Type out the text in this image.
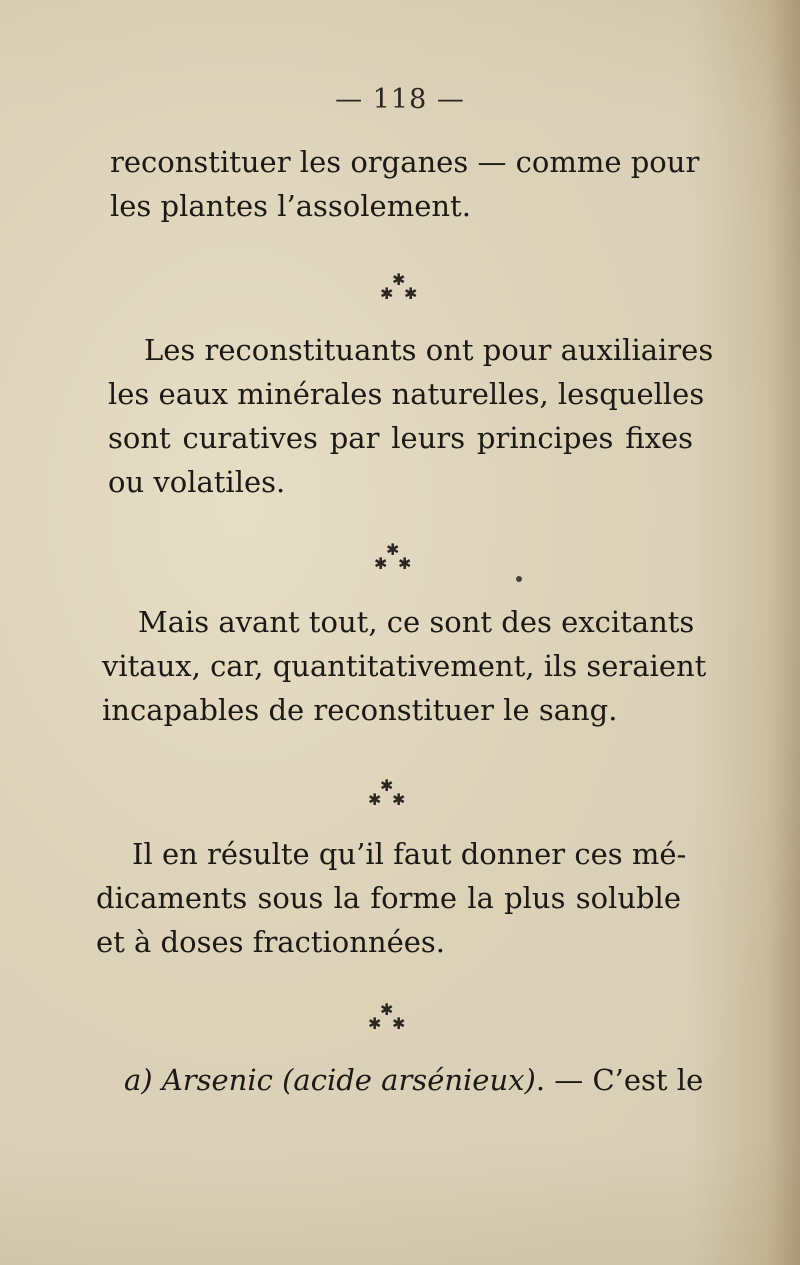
— 118 —
reconstituer les organes — comme pour
les plantes l’assolement.
✱
✱ ✱
Les reconstituants ont pour auxiliaires
les eaux minérales naturelles, lesquelles
sont curatives par leurs principes fixes
ou volatiles.
✱
✱ ✱
Mais avant tout, ce sont des excitants
vitaux, car, quantitativement, ils seraient
incapables de reconstituer le sang.
✱
✱ ✱
Il en résulte qu’il faut donner ces mé-
dicaments sous la forme la plus soluble
et à doses fractionnées.
✱
✱ ✱
a) Arsenic (acide arsénieux). — C’est le
